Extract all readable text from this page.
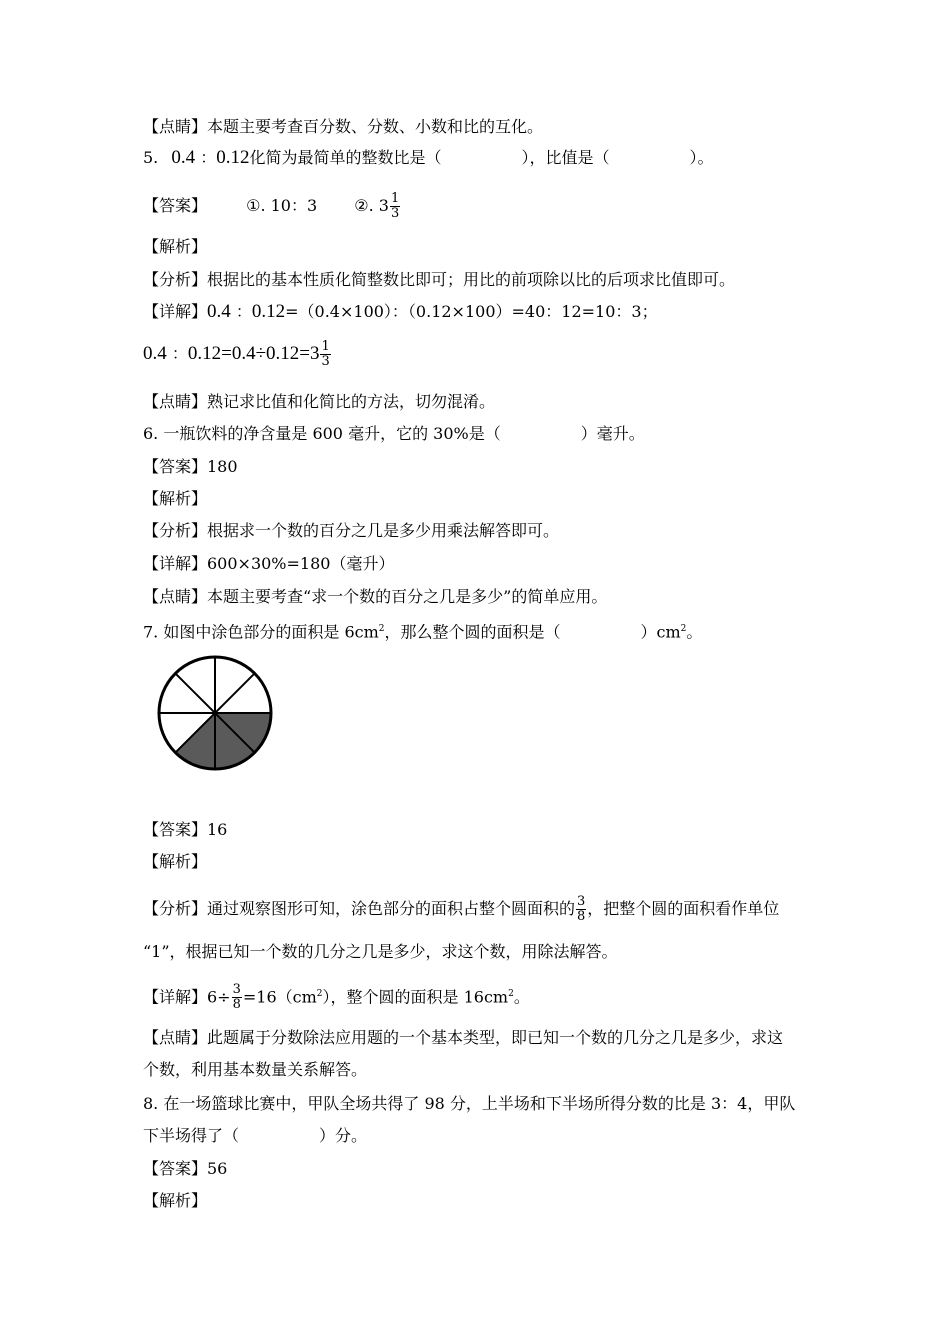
【点睛】本题主要考查百分数、分数、小数和比的互化。
5. 0.4 ：0.12化简为最简单的整数比是（	），比值是（	）。
【答案】 ①. 10：3 ②. $3 \frac{1}{3}$
【解析】
【分析】根据比的基本性质化简整数比即可；用比的前项除以比的后项求比值即可。
【详解】0.4 ：0.12=（0.4×100）：（0.12×100）=40：12=10：3；
0.4 ：$0.12=0.4\div 0.12=3 \frac{1}{3}$
【点睛】熟记求比值和化简比的方法，切勿混淆。
6. 一瓶饮料的净含量是 600 毫升，它的 30%是（	）毫升。
【答案】180
【解析】
【分析】根据求一个数的百分之几是多少用乘法解答即可。
【详解】600×30%=180（毫升）
【点睛】本题主要考查“求一个数的百分之几是多少”的简单应用。
7. 如图中涂色部分的面积是 $6cm^2$，那么整个圆的面积是（	）$cm^2$。
【答案】16
【解析】
【分析】通过观察图形可知，涂色部分的面积占整个圆面积的 $\frac{3}{8}$ ，把整个圆的面积看作单位
“1”，根据已知一个数的几分之几是多少，求这个数，用除法解答。
【详解】$6\div \frac{3}{8} =16(cm^2)$，整个圆的面积是 $16cm^2$。
【点睛】此题属于分数除法应用题的一个基本类型，即已知一个数的几分之几是多少，求这
个数，利用基本数量关系解答。
8. 在一场篮球比赛中，甲队全场共得了 98 分，上半场和下半场所得分数的比是 3：4，甲队
下半场得了（	）分。
【答案】56
【解析】
